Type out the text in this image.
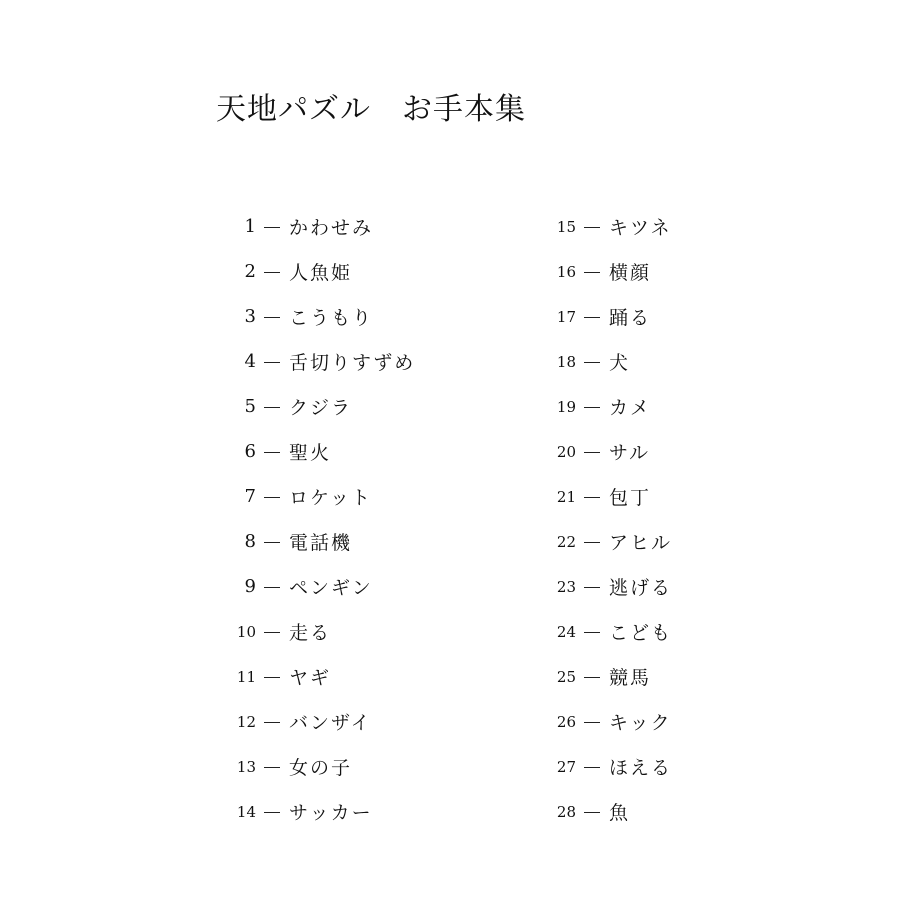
天地パズル　お手本集
1 かわせみ
2 人魚姫
3 こうもり
4 舌切りすずめ
5 クジラ
6 聖火
7 ロケット
8 電話機
9 ペンギン
10 走る
11 ヤギ
12 バンザイ
13 女の子
14 サッカー
15 キツネ
16 横顔
17 踊る
18 犬
19 カメ
20 サル
21 包丁
22 アヒル
23 逃げる
24 こども
25 競馬
26 キック
27 ほえる
28 魚
